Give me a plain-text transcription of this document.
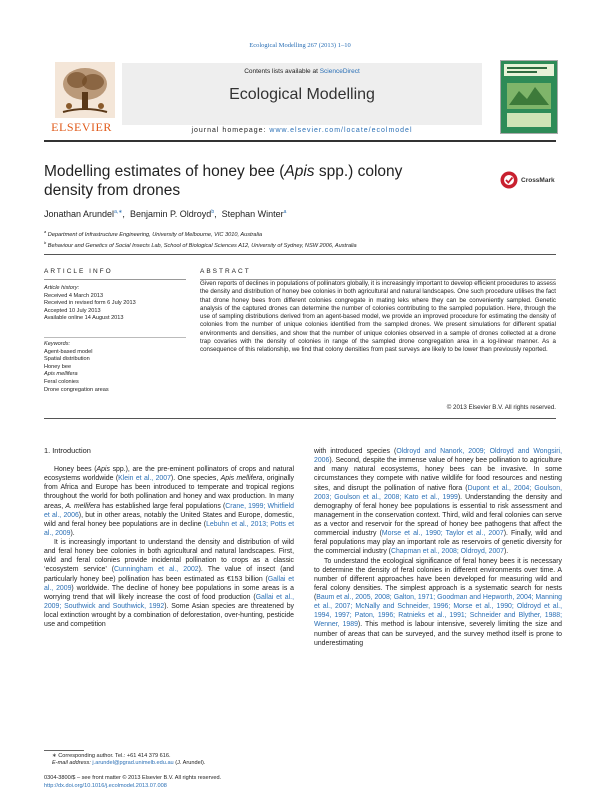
Ecological Modelling 267 (2013) 1–10
Contents lists available at ScienceDirect
Ecological Modelling
journal homepage: www.elsevier.com/locate/ecolmodel
ELSEVIER
Modelling estimates of honey bee (Apis spp.) colony
density from drones
CrossMark
Jonathan Arundel$^{a,∗}$,  Benjamin P. Oldroyd$^b$,  Stephan Winter$^a$
$^a$ Department of Infrastructure Engineering, University of Melbourne, VIC 3010, Australia
$^b$ Behaviour and Genetics of Social Insects Lab, School of Biological Sciences A12, University of Sydney, NSW 2006, Australia
ARTICLE INFO	ABSTRACT
Article history:
Received 4 March 2013
Received in revised form 6 July 2013
Accepted 10 July 2013
Available online 14 August 2013
Keywords:
Agent-based model
Spatial distribution
Honey bee
Apis mellifera
Feral colonies
Drone congregation areas
Given reports of declines in populations of pollinators globally, it is increasingly important to develop efficient procedures to assess the density and distribution of honey bee colonies in both agricultural and natural landscapes. One such procedure utilises the fact that drone honey bees from different colonies congregate in mating leks where they can be conveniently sampled. Genetic analysis of the captured drones can determine the number of colonies contributing to the sampled population. Here, through the use of sampling distributions derived from an agent-based model, we provide an improved procedure for estimating the density of colonies from the number of unique colonies identified from the sampled drones. We present simulations for different spatial environments and densities, and show that the number of unique colonies observed in a sample of drones collected at a drone trap covaries with the density of colonies in range of the sampled drone congregation area in a log-linear manner. As a consequence of this relationship, we find that colony densities from past surveys are likely to be lower than previously reported.
© 2013 Elsevier B.V. All rights reserved.
1. Introduction

Honey bees (Apis spp.), are the pre-eminent pollinators of crops and natural ecosystems worldwide (Klein et al., 2007). One species, Apis mellifera, originally from Africa and Europe has been introduced to temperate and tropical regions throughout the world for both pollination and honey and wax production. In many areas, A. mellifera has established large feral populations (Crane, 1999; Whitfield et al., 2006), but in other areas, notably the United States and Europe, domestic, wild and feral honey bee populations are in decline (Lebuhn et al., 2013; Potts et al., 2009).

It is increasingly important to understand the density and distribution of wild and feral honey bee colonies in both agricultural and natural landscapes. First, wild and feral colonies provide incidental pollination to crops as a classic ‘ecosystem service’ (Cunningham et al., 2002). The value of insect (and particularly honey bee) pollination has been estimated as €153 billion (Gallai et al., 2009) worldwide. The decline of honey bee populations in some areas is a worrying trend that will likely increase the cost of food production (Gallai et al., 2009; Southwick and Southwick, 1992). Some Asian species are threatened by local extinction wrought by a combination of deforestation, over-hunting, pesticide use and competition

with introduced species (Oldroyd and Nanork, 2009; Oldroyd and Wongsiri, 2006). Second, despite the immense value of honey bee pollination to agriculture and many natural ecosystems, honey bees can be invasive. In some circumstances they compete with native wildlife for food resources and nesting sites, and disrupt the pollination of native flora (Dupont et al., 2004; Goulson, 2003; Goulson et al., 2008; Kato et al., 1999). Understanding the density and demography of feral honey bee populations is essential to risk assessment and management in the conservation context. Third, wild and feral colonies can serve as a vector and reservoir for the spread of honey bee pathogens that affect the commercial industry (Morse et al., 1990; Taylor et al., 2007). Finally, wild and feral populations may play an important role as reservoirs of genetic diversity for the commercial industry (Chapman et al., 2008; Oldroyd, 2007).

To understand the ecological significance of feral honey bees it is necessary to determine the density of feral colonies in different environments over time. A number of different approaches have been developed for measuring wild and feral colony densities. The simplest approach is a systematic search for nests (Baum et al., 2005, 2008; Galton, 1971; Goodman and Hepworth, 2004; Manning et al., 2007; McNally and Schneider, 1996; Morse et al., 1990; Oldroyd et al., 1994, 1997; Paton, 1996; Ratnieks et al., 1991; Schneider and Blyther, 1988; Wenner, 1989). This method is labour intensive, severely limiting the size and number of areas that can be surveyed, and the survey method itself is prone to underestimating

∗ Corresponding author. Tel.: +61 414 379 616.
E-mail address: j.arundel@pgrad.unimelb.edu.au (J. Arundel).
0304-3800/$ – see front matter © 2013 Elsevier B.V. All rights reserved.
http://dx.doi.org/10.1016/j.ecolmodel.2013.07.008
